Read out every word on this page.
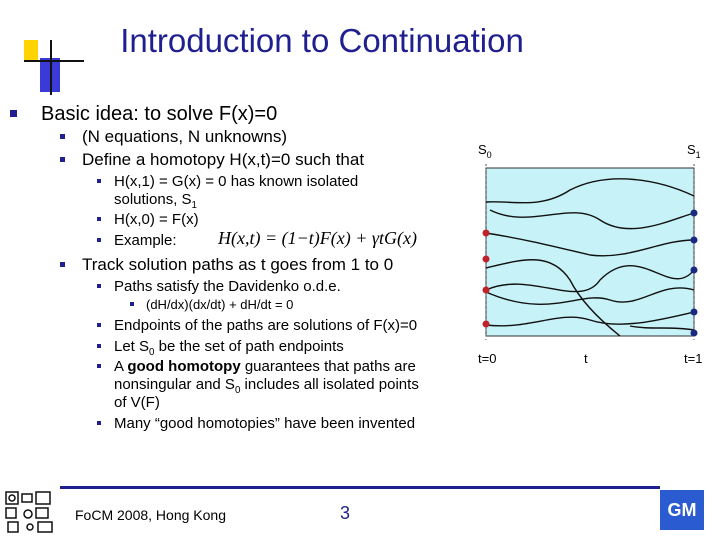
Introduction to Continuation
Basic idea: to solve F(x)=0
(N equations, N unknowns)
Define a homotopy H(x,t)=0 such that
H(x,1) = G(x) = 0 has known isolated
solutions, $S_1$
H(x,0) = F(x)
Example: H(x,t) = (1−t)F(x) + γtG(x)
Track solution paths as t goes from 1 to 0
Paths satisfy the Davidenko o.d.e.
(dH/dx)(dx/dt) + dH/dt = 0
Endpoints of the paths are solutions of F(x)=0
Let $S_0$ be the set of path endpoints
A good homotopy guarantees that paths are
nonsingular and $S_0$ includes all isolated points
of V(F)
Many “good homotopies” have been invented
$S_0$	$S_1$
t=0	t	t=1
FoCM 2008, Hong Kong	3	GM
